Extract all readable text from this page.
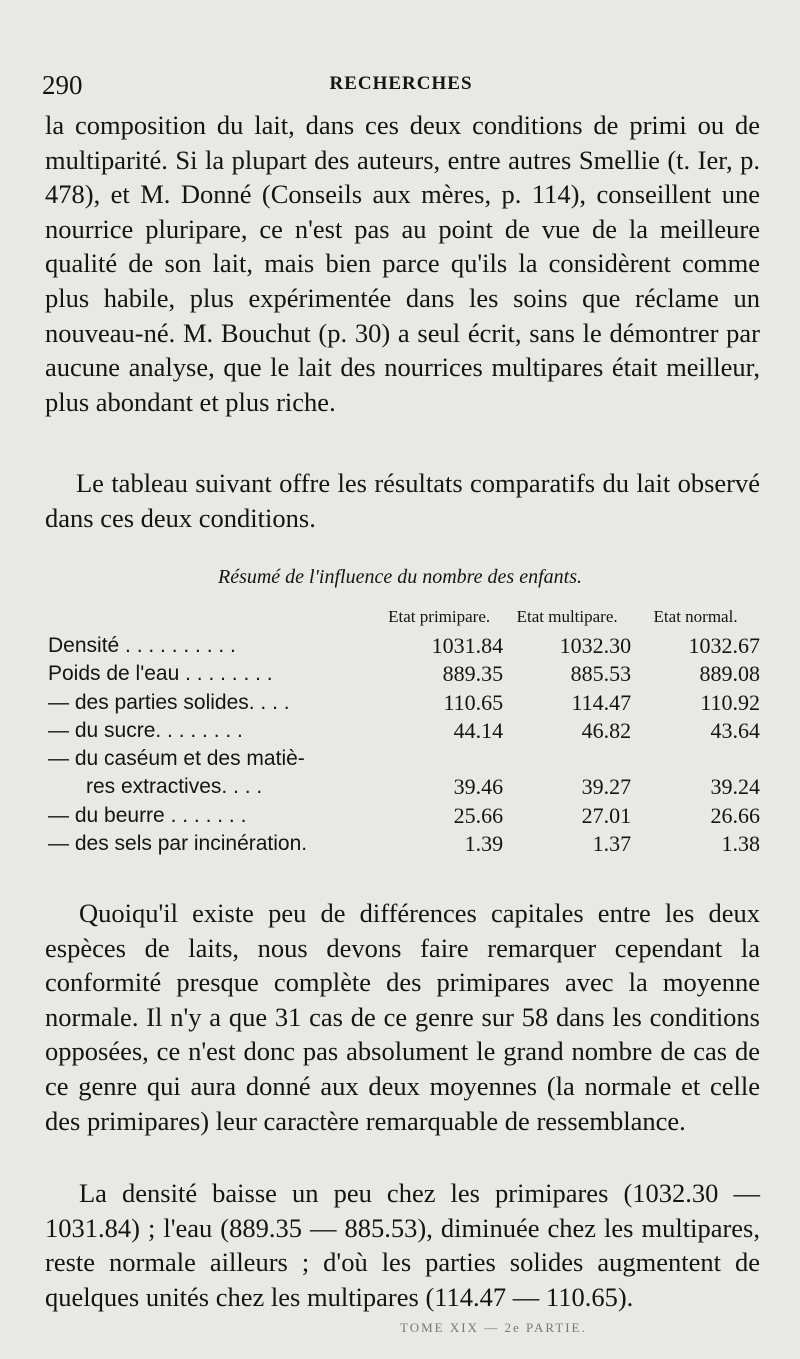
290	RECHERCHES
la composition du lait, dans ces deux conditions de primi ou de multiparité. Si la plupart des auteurs, entre autres Smellie (t. Ier, p. 478), et M. Donné (Conseils aux mères, p. 114), conseillent une nourrice pluripare, ce n'est pas au point de vue de la meilleure qualité de son lait, mais bien parce qu'ils la considèrent comme plus habile, plus expérimentée dans les soins que réclame un nouveau-né. M. Bouchut (p. 30) a seul écrit, sans le démontrer par aucune analyse, que le lait des nourrices multipares était meilleur, plus abondant et plus riche.
Le tableau suivant offre les résultats comparatifs du lait observé dans ces deux conditions.
Résumé de l'influence du nombre des enfants.
	Etat primipare.	Etat multipare.	Etat normal.
Densité . . . . . . . . . .	1031.84	1032.30	1032.67
Poids de l'eau . . . . . . . .	889.35	885.53	889.08
— des parties solides. . . .	110.65	114.47	110.92
— du sucre. . . . . . . .	44.14	46.82	43.64
— du caséum et des matiè-			
res extractives. . . .	39.46	39.27	39.24
— du beurre . . . . . . .	25.66	27.01	26.66
— des sels par incinération.	1.39	1.37	1.38

Quoiqu'il existe peu de différences capitales entre les deux espèces de laits, nous devons faire remarquer cependant la conformité presque complète des primipares avec la moyenne normale. Il n'y a que 31 cas de ce genre sur 58 dans les conditions opposées, ce n'est donc pas absolument le grand nombre de cas de ce genre qui aura donné aux deux moyennes (la normale et celle des primipares) leur caractère remarquable de ressemblance.

La densité baisse un peu chez les primipares (1032.30 — 1031.84) ; l'eau (889.35 — 885.53), diminuée chez les multipares, reste normale ailleurs ; d'où les parties solides augmentent de quelques unités chez les multipares (114.47 — 110.65).

TOME XIX — 2e PARTIE.
